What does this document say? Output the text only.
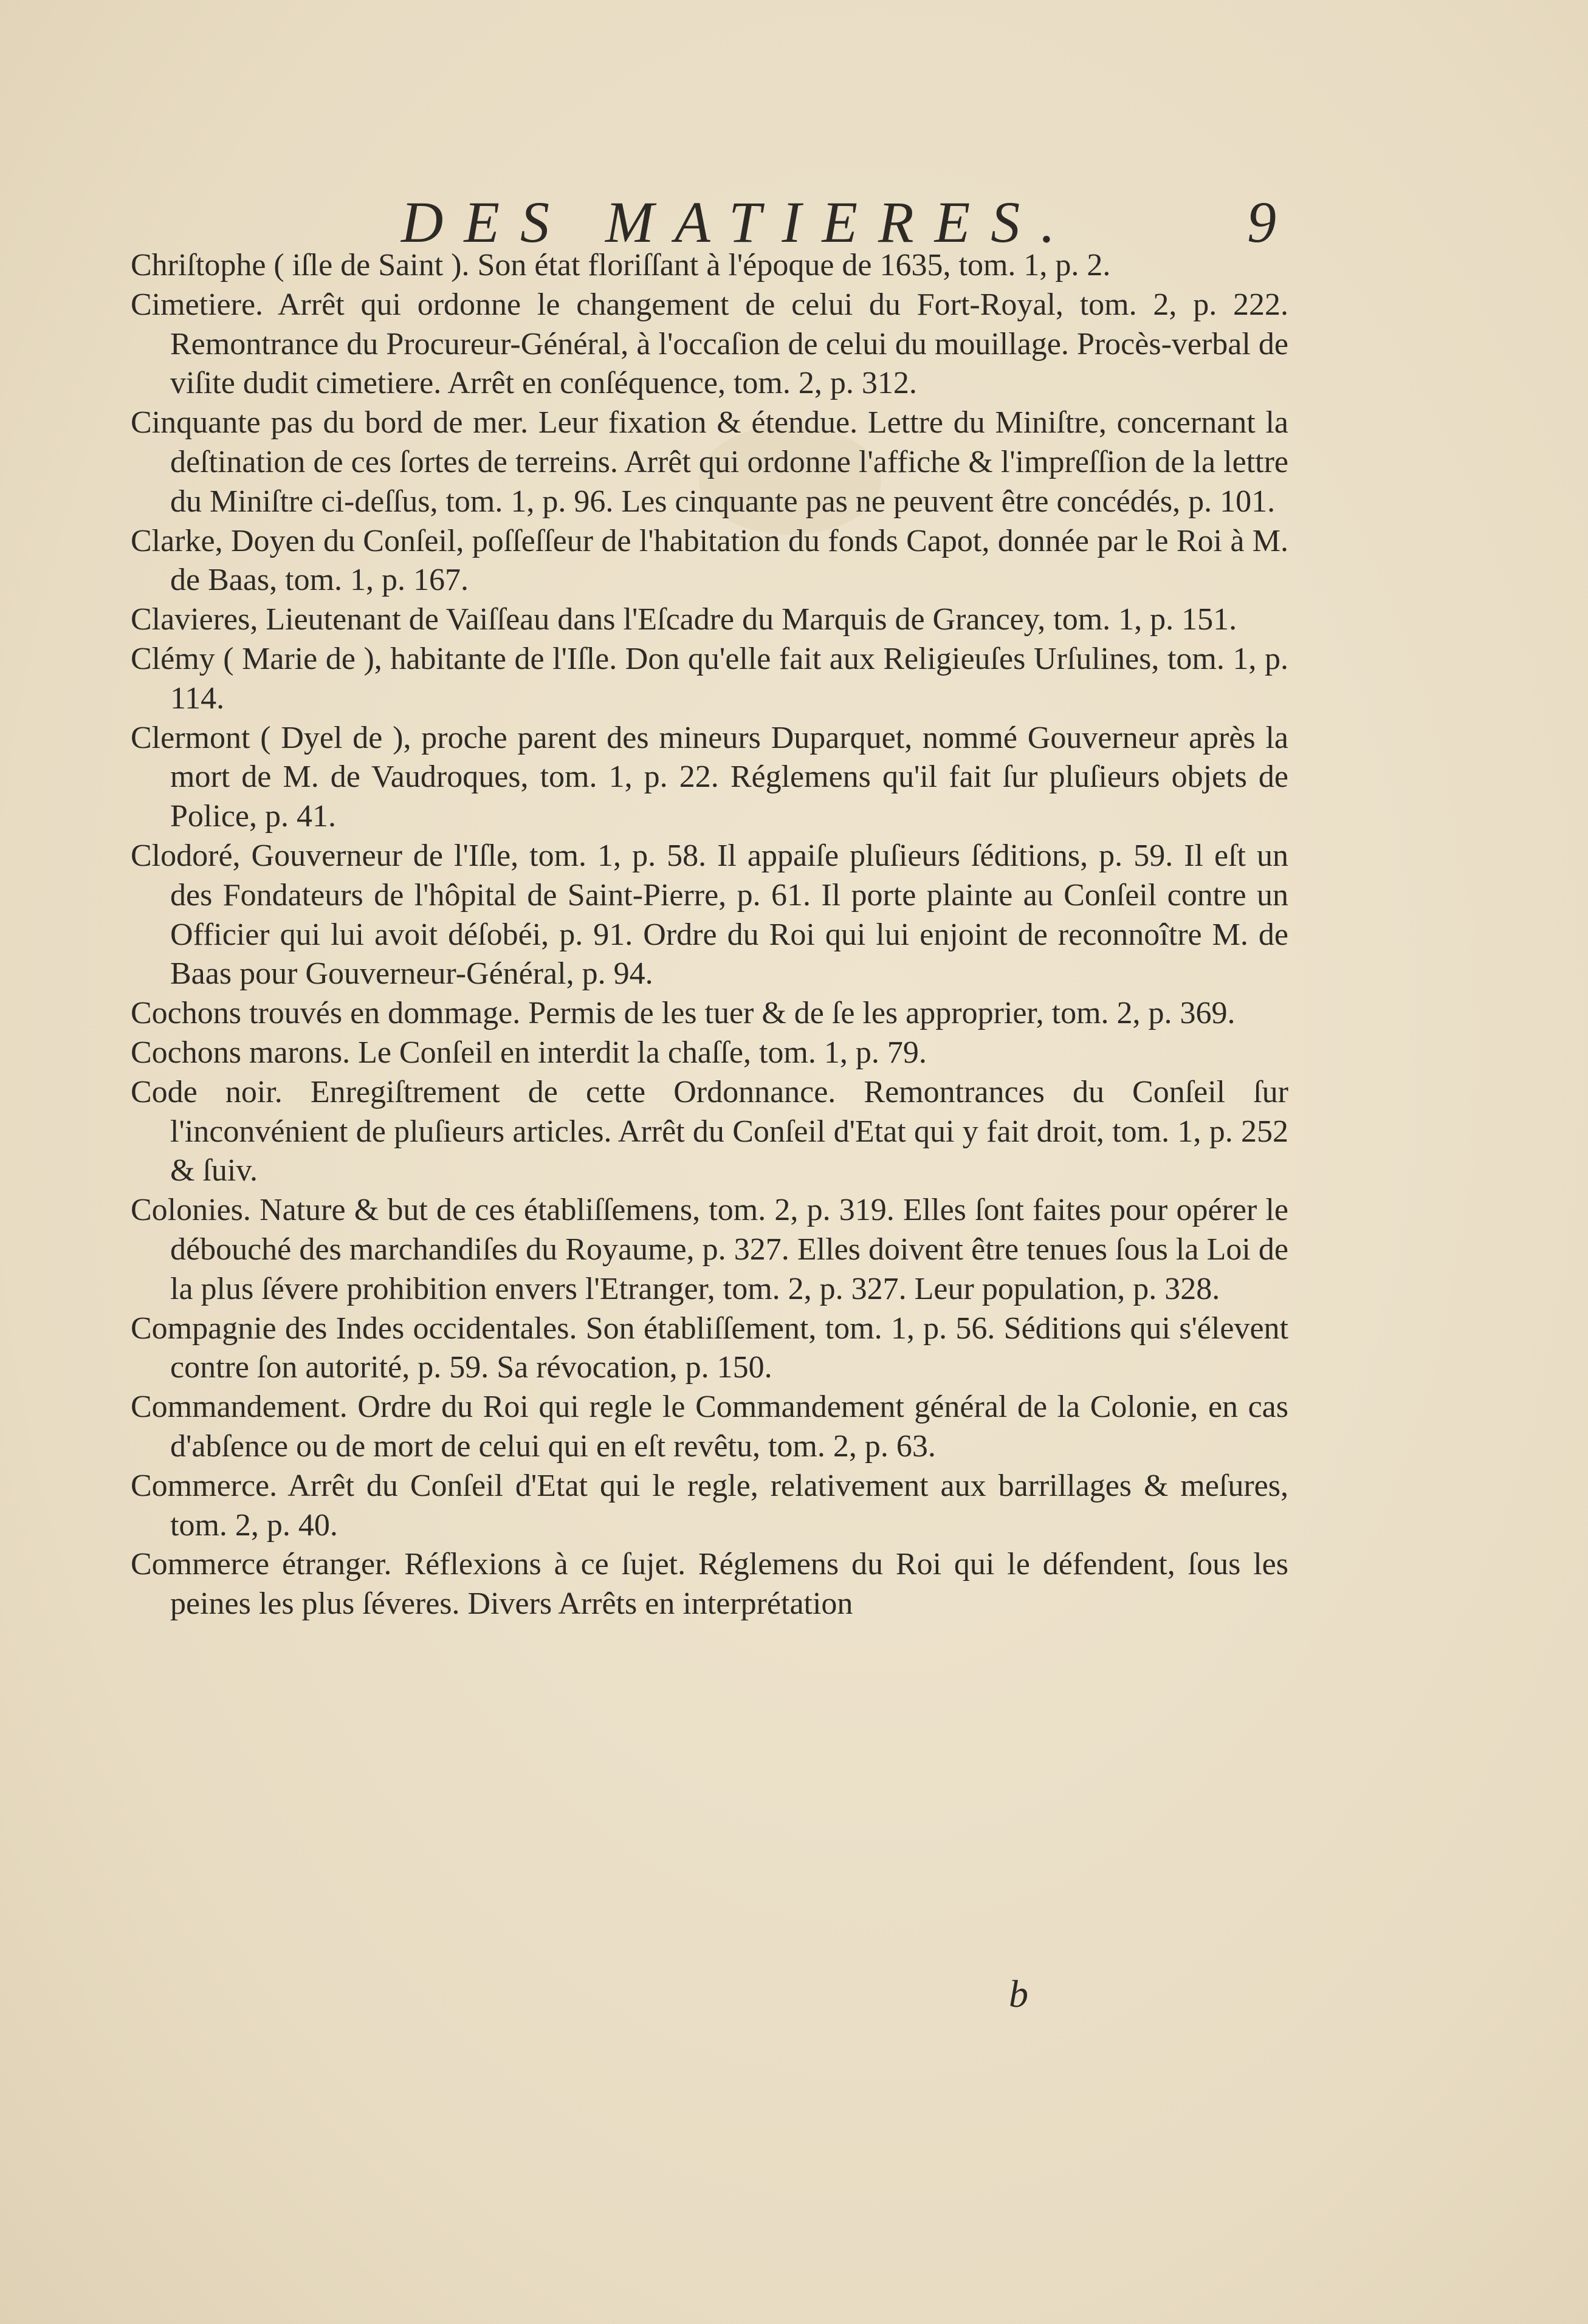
DES MATIERES.	9

Chriſtophe ( iſle de Saint ). Son état floriſſant à l'époque de 1635, tom. 1, p. 2.

Cimetiere. Arrêt qui ordonne le changement de celui du Fort-Royal, tom. 2, p. 222. Remontrance du Procureur-Général, à l'occaſion de celui du mouillage. Procès-verbal de viſite dudit cimetiere. Arrêt en conſéquence, tom. 2, p. 312.

Cinquante pas du bord de mer. Leur fixation & étendue. Lettre du Miniſtre, concernant la deſtination de ces ſortes de terreins. Arrêt qui ordonne l'affiche & l'impreſſion de la lettre du Miniſtre ci-deſſus, tom. 1, p. 96. Les cinquante pas ne peuvent être concédés, p. 101.

Clarke, Doyen du Conſeil, poſſeſſeur de l'habitation du fonds Capot, donnée par le Roi à M. de Baas, tom. 1, p. 167.

Clavieres, Lieutenant de Vaiſſeau dans l'Eſcadre du Marquis de Grancey, tom. 1, p. 151.

Clémy ( Marie de ), habitante de l'Iſle. Don qu'elle fait aux Religieuſes Urſulines, tom. 1, p. 114.

Clermont ( Dyel de ), proche parent des mineurs Duparquet, nommé Gouverneur après la mort de M. de Vaudroques, tom. 1, p. 22. Réglemens qu'il fait ſur pluſieurs objets de Police, p. 41.

Clodoré, Gouverneur de l'Iſle, tom. 1, p. 58. Il appaiſe pluſieurs ſéditions, p. 59. Il eſt un des Fondateurs de l'hôpital de Saint-Pierre, p. 61. Il porte plainte au Conſeil contre un Officier qui lui avoit déſobéi, p. 91. Ordre du Roi qui lui enjoint de reconnoître M. de Baas pour Gouverneur-Général, p. 94.

Cochons trouvés en dommage. Permis de les tuer & de ſe les approprier, tom. 2, p. 369.

Cochons marons. Le Conſeil en interdit la chaſſe, tom. 1, p. 79.

Code noir. Enregiſtrement de cette Ordonnance. Remontrances du Conſeil ſur l'inconvénient de pluſieurs articles. Arrêt du Conſeil d'Etat qui y fait droit, tom. 1, p. 252 & ſuiv.

Colonies. Nature & but de ces établiſſemens, tom. 2, p. 319. Elles ſont faites pour opérer le débouché des marchandiſes du Royaume, p. 327. Elles doivent être tenues ſous la Loi de la plus ſévere prohibition envers l'Etranger, tom. 2, p. 327. Leur population, p. 328.

Compagnie des Indes occidentales. Son établiſſement, tom. 1, p. 56. Séditions qui s'élevent contre ſon autorité, p. 59. Sa révocation, p. 150.

Commandement. Ordre du Roi qui regle le Commandement général de la Colonie, en cas d'abſence ou de mort de celui qui en eſt revêtu, tom. 2, p. 63.

Commerce. Arrêt du Conſeil d'Etat qui le regle, relativement aux barrillages & meſures, tom. 2, p. 40.

Commerce étranger. Réflexions à ce ſujet. Réglemens du Roi qui le défendent, ſous les peines les plus ſéveres. Divers Arrêts en interprétation

b
